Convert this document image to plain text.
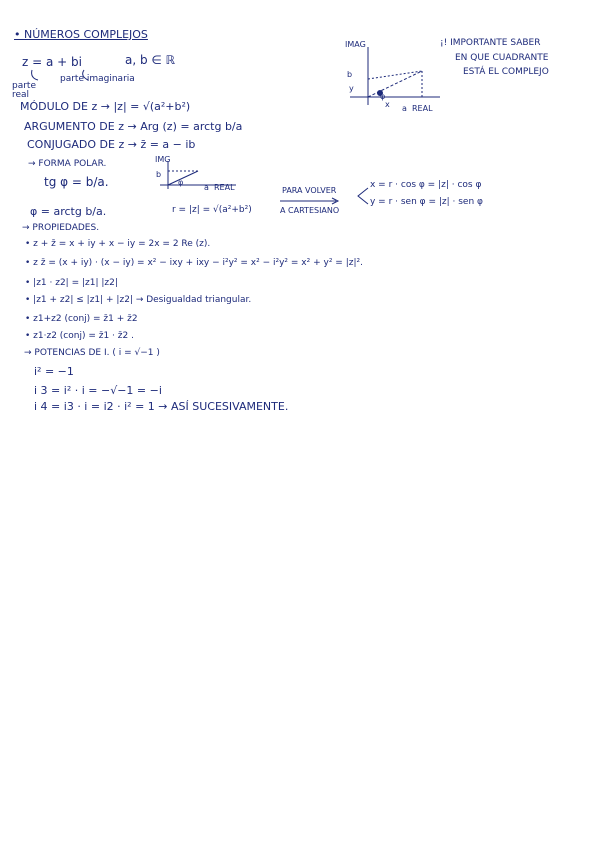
• NÚMEROS COMPLEJOS
z = a + bi	a, b ∈ ℝ
parte real
parte imaginaria
¡! IMPORTANTE SABER
EN QUE CUADRANTE
ESTÁ EL COMPLEJO
IMAG
REAL
b
a
x
y
φ
MÓDULO DE z → |z| = √(a²+b²)
ARGUMENTO DE z → Arg (z) = arctg b/a
CONJUGADO DE z → z̄ = a − ib
→ FORMA POLAR.
tg φ = b/a.
IMG
REAL
b
a
φ
φ = arctg b/a.	r = |z| = √(a²+b²)
PARA VOLVER
A CARTESIANO
x = r · cos φ = |z| · cos φ
y = r · sen φ = |z| · sen φ
→ PROPIEDADES.
• z + z̄ = x + iy + x − iy = 2x = 2 Re (z).
• z z̄ = (x + iy) · (x − iy) = x² − ixy + ixy − i²y² = x² − i²y² = x² + y² = |z|².
• |z1 · z2| = |z1| |z2|
• |z1 + z2| ≤ |z1| + |z2| → Desigualdad triangular.
• z1+z2 (conj) = z̄1 + z̄2
• z1·z2 (conj) = z̄1 · z̄2 .
→ POTENCIAS DE I. ( i = √−1 )
i² = −1
i 3 = i² · i = −√−1 = −i
i 4 = i3 · i = i2 · i² = 1 → ASÍ SUCESIVAMENTE.
